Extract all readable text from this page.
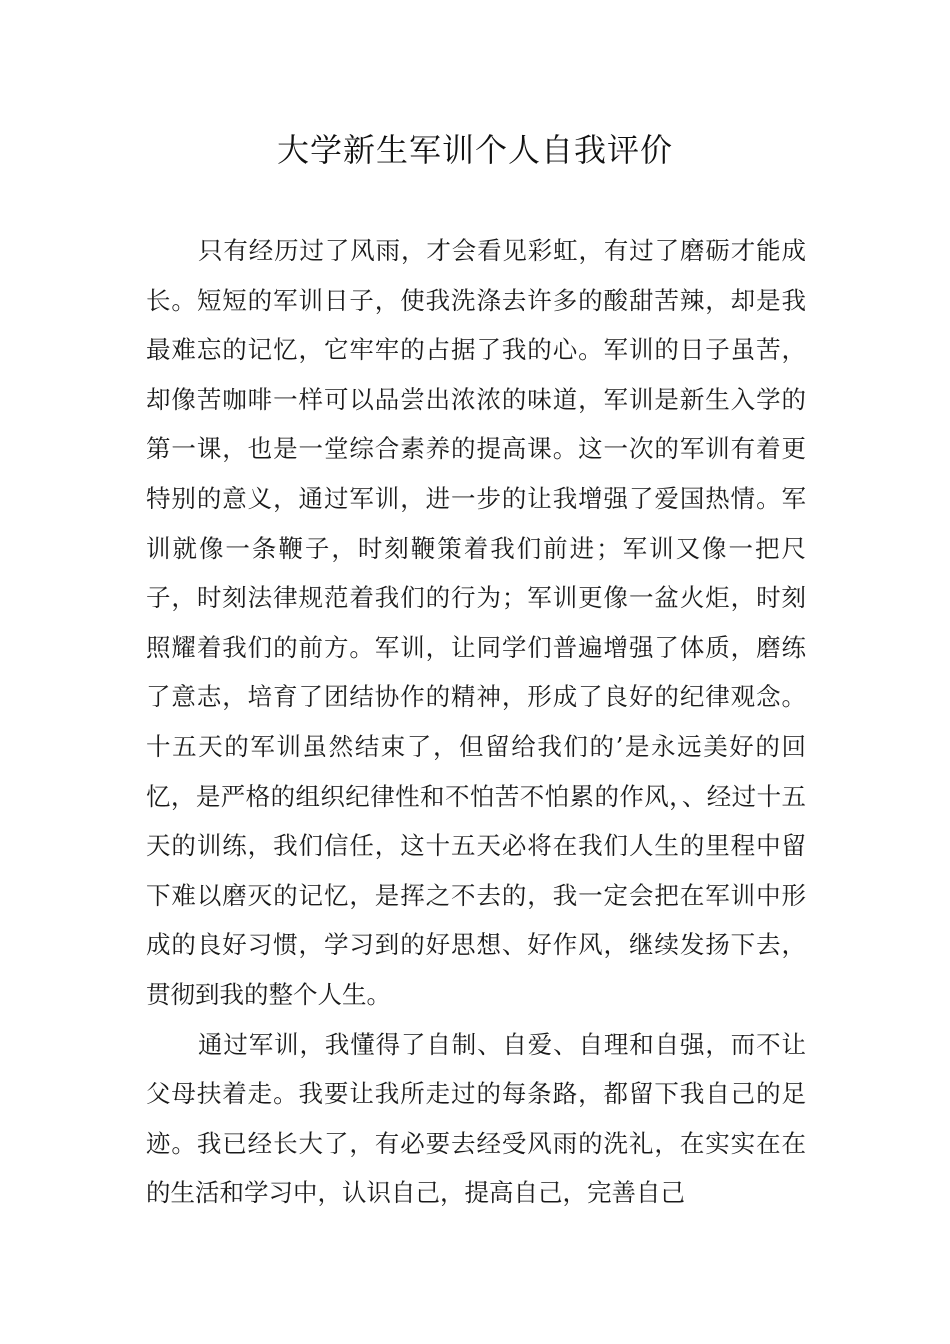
大学新生军训个人自我评价

只有经历过了风雨，才会看见彩虹，有过了磨砺才能成长。短短的军训日子，使我洗涤去许多的酸甜苦辣，却是我最难忘的记忆，它牢牢的占据了我的心。军训的日子虽苦，却像苦咖啡一样可以品尝出浓浓的味道，军训是新生入学的第一课，也是一堂综合素养的提高课。这一次的军训有着更特别的意义，通过军训，进一步的让我增强了爱国热情。军训就像一条鞭子，时刻鞭策着我们前进；军训又像一把尺子，时刻法律规范着我们的行为；军训更像一盆火炬，时刻照耀着我们的前方。军训，让同学们普遍增强了体质，磨练了意志，培育了团结协作的精神，形成了良好的纪律观念。十五天的军训虽然结束了，但留给我们的’是永远美好的回忆，是严格的组织纪律性和不怕苦不怕累的作风，、经过十五天的训练，我们信任，这十五天必将在我们人生的里程中留下难以磨灭的记忆，是挥之不去的，我一定会把在军训中形成的良好习惯，学习到的好思想、好作风，继续发扬下去，贯彻到我的整个人生。

通过军训，我懂得了自制、自爱、自理和自强，而不让父母扶着走。我要让我所走过的每条路，都留下我自己的足迹。我已经长大了，有必要去经受风雨的洗礼，在实实在在的生活和学习中，认识自己，提高自己，完善自己
